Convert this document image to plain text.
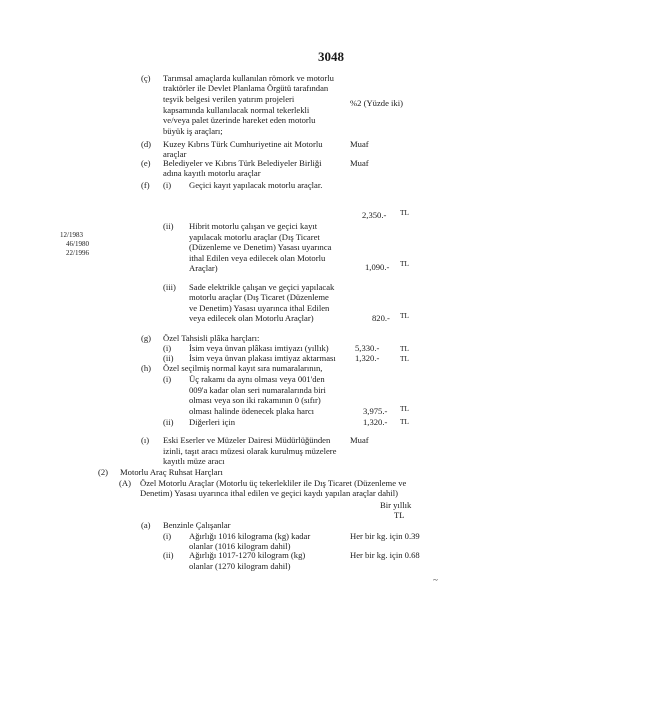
3048
12/1983
46/1980
22/1996
(ç) Tarımsal amaçlarda kullanılan römork ve motorlu
traktörler ile Devlet Planlama Örgütü tarafından
teşvik belgesi verilen yatırım projeleri
kapsamında kullanılacak normal tekerlekli
ve/veya palet üzerinde hareket eden motorlu
büyük iş araçları;
%2 (Yüzde iki)
(d) Kuzey Kıbrıs Türk Cumhuriyetine ait Motorlu
araçlar
Muaf
(e) Belediyeler ve Kıbrıs Türk Belediyeler Birliği
adına kayıtlı motorlu araçlar
Muaf
(f) (i) Geçici kayıt yapılacak motorlu araçlar.
2,350.- TL
(ii) Hibrit motorlu çalışan ve geçici kayıt
yapılacak motorlu araçlar (Dış Ticaret
(Düzenleme ve Denetim) Yasası uyarınca
ithal Edilen veya edilecek olan Motorlu
Araçlar)	1,090.- TL
(iii) Sade elektrikle çalışan ve geçici yapılacak
motorlu araçlar (Dış Ticaret (Düzenleme
ve Denetim) Yasası uyarınca ithal Edilen
veya edilecek olan Motorlu Araçlar)	820.- TL
(g) Özel Tahsisli plâka harçları:
(i) İsim veya ünvan plâkası imtiyazı (yıllık)	5,330.-	TL
(ii) İsim veya ünvan plakası imtiyaz aktarması 1,320.-	TL
(h) Özel seçilmiş normal kayıt sıra numaralarının,
(i) Üç rakamı da aynı olması veya 001'den
009'a kadar olan seri numaralarında biri
olması veya son iki rakamının 0 (sıfır)
olması halinde ödenecek plaka harcı	3,975.- TL
(ii) Diğerleri için	1,320.- TL
(ı) Eski Eserler ve Müzeler Dairesi Müdürlüğünden
izinli, taşıt aracı müzesi olarak kurulmuş müzelere
kayıtlı müze aracı
Muaf
(2) Motorlu Araç Ruhsat Harçları
(A) Özel Motorlu Araçlar (Motorlu üç tekerlekliler ile Dış Ticaret (Düzenleme ve
Denetim) Yasası uyarınca ithal edilen ve geçici kaydı yapılan araçlar dahil)
Bir yıllık
TL
(a) Benzinle Çalışanlar
(i) Ağırlığı 1016 kilograma (kg) kadar
olanlar (1016 kilogram dahil)
Her bir kg. için 0.39
(ii) Ağırlığı 1017-1270 kilogram (kg)
olanlar (1270 kilogram dahil)
Her bir kg. için 0.68
~
